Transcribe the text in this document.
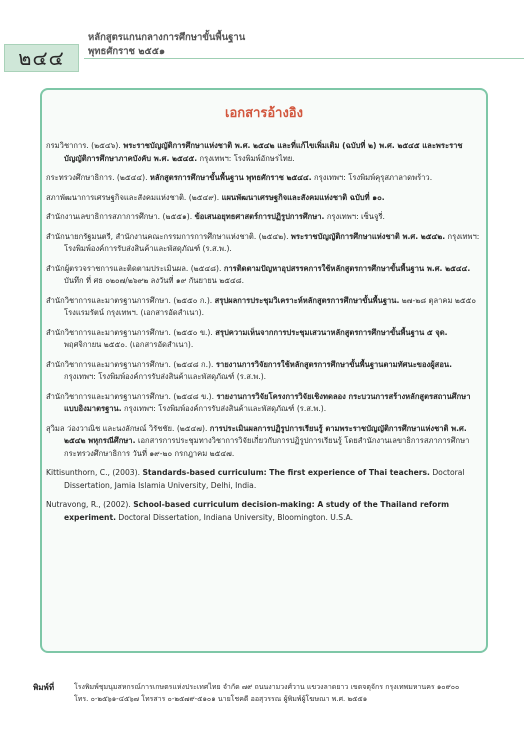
๒๔๔
หลักสูตรแกนกลางการศึกษาขั้นพื้นฐาน
พุทธศักราช ๒๕๕๑
เอกสารอ้างอิง

กรมวิชาการ. (๒๕๔๖). พระราชบัญญัติการศึกษาแห่งชาติ พ.ศ. ๒๕๔๒ และที่แก้ไขเพิ่มเติม (ฉบับที่ ๒) พ.ศ. ๒๕๔๕ และพระราชบัญญัติการศึกษาภาคบังคับ พ.ศ. ๒๕๔๕. กรุงเทพฯ: โรงพิมพ์อักษรไทย.

กระทรวงศึกษาธิการ. (๒๕๔๔). หลักสูตรการศึกษาขั้นพื้นฐาน พุทธศักราช ๒๕๔๔. กรุงเทพฯ: โรงพิมพ์คุรุสภาลาดพร้าว.

สภาพัฒนาการเศรษฐกิจและสังคมแห่งชาติ. (๒๕๔๙). แผนพัฒนาเศรษฐกิจและสังคมแห่งชาติ ฉบับที่ ๑๐.

สำนักงานเลขาธิการสภาการศึกษา. (๒๕๕๑). ข้อเสนอยุทธศาสตร์การปฏิรูปการศึกษา. กรุงเทพฯ: เซ็นจูรี่.

สำนักนายกรัฐมนตรี, สำนักงานคณะกรรมการการศึกษาแห่งชาติ. (๒๕๔๒). พระราชบัญญัติการศึกษาแห่งชาติ พ.ศ. ๒๕๔๒. กรุงเทพฯ: โรงพิมพ์องค์การรับส่งสินค้าและพัสดุภัณฑ์ (ร.ส.พ.).

สำนักผู้ตรวจราชการและติดตามประเมินผล. (๒๕๔๘). การติดตามปัญหาอุปสรรคการใช้หลักสูตรการศึกษาขั้นพื้นฐาน พ.ศ. ๒๕๔๔. บันทึก ที่ ศธ ๐๒๐๗/๒๖๙๒ ลงวันที่ ๑๙ กันยายน ๒๕๔๘.

สำนักวิชาการและมาตรฐานการศึกษา. (๒๕๕๐ ก.). สรุปผลการประชุมวิเคราะห์หลักสูตรการศึกษาขั้นพื้นฐาน. ๒๗-๒๘ ตุลาคม ๒๕๕๐ โรงแรมรัตน์ กรุงเทพฯ. (เอกสารอัดสำเนา).

สำนักวิชาการและมาตรฐานการศึกษา. (๒๕๕๐ ข.). สรุปความเห็นจากการประชุมเสวนาหลักสูตรการศึกษาขั้นพื้นฐาน ๕ จุด. พฤศจิกายน ๒๕๕๐. (เอกสารอัดสำเนา).

สำนักวิชาการและมาตรฐานการศึกษา. (๒๕๔๘ ก.). รายงานการวิจัยการใช้หลักสูตรการศึกษาขั้นพื้นฐานตามทัศนะของผู้สอน. กรุงเทพฯ: โรงพิมพ์องค์การรับส่งสินค้าและพัสดุภัณฑ์ (ร.ส.พ.).

สำนักวิชาการและมาตรฐานการศึกษา. (๒๕๔๘ ข.). รายงานการวิจัยโครงการวิจัยเชิงทดลอง กระบวนการสร้างหลักสูตรสถานศึกษาแบบอิงมาตรฐาน. กรุงเทพฯ: โรงพิมพ์องค์การรับส่งสินค้าและพัสดุภัณฑ์ (ร.ส.พ.).

สุวิมล ว่องวาณิช และนงลักษณ์ วิรัชชัย. (๒๕๔๗). การประเมินผลการปฏิรูปการเรียนรู้ ตามพระราชบัญญัติการศึกษาแห่งชาติ พ.ศ. ๒๕๔๒ พหุกรณีศึกษา. เอกสารการประชุมทางวิชาการวิจัยเกี่ยวกับการปฏิรูปการเรียนรู้ โดยสำนักงานเลขาธิการสภาการศึกษา กระทรวงศึกษาธิการ วันที่ ๑๙-๒๐ กรกฎาคม ๒๕๔๗.

Kittisunthorn, C., (2003). Standards-based curriculum: The first experience of Thai teachers. Doctoral Dissertation, Jamia Islamia University, Delhi, India.

Nutravong, R., (2002). School-based curriculum decision-making: A study of the Thailand reform experiment. Doctoral Dissertation, Indiana University, Bloomington. U.S.A.

พิมพ์ที่	โรงพิมพ์ชุมนุมสหกรณ์การเกษตรแห่งประเทศไทย จำกัด ๗๙ ถนนงามวงศ์วาน แขวงลาดยาว เขตจตุจักร กรุงเทพมหานคร ๑๐๙๐๐
โทร. ๐-๒๕๖๑-๔๕๖๗ โทรสาร ๐-๒๕๗๙-๕๑๐๑ นายโชคดี ออสุวรรณ ผู้พิมพ์ผู้โฆษณา พ.ศ. ๒๕๕๑
